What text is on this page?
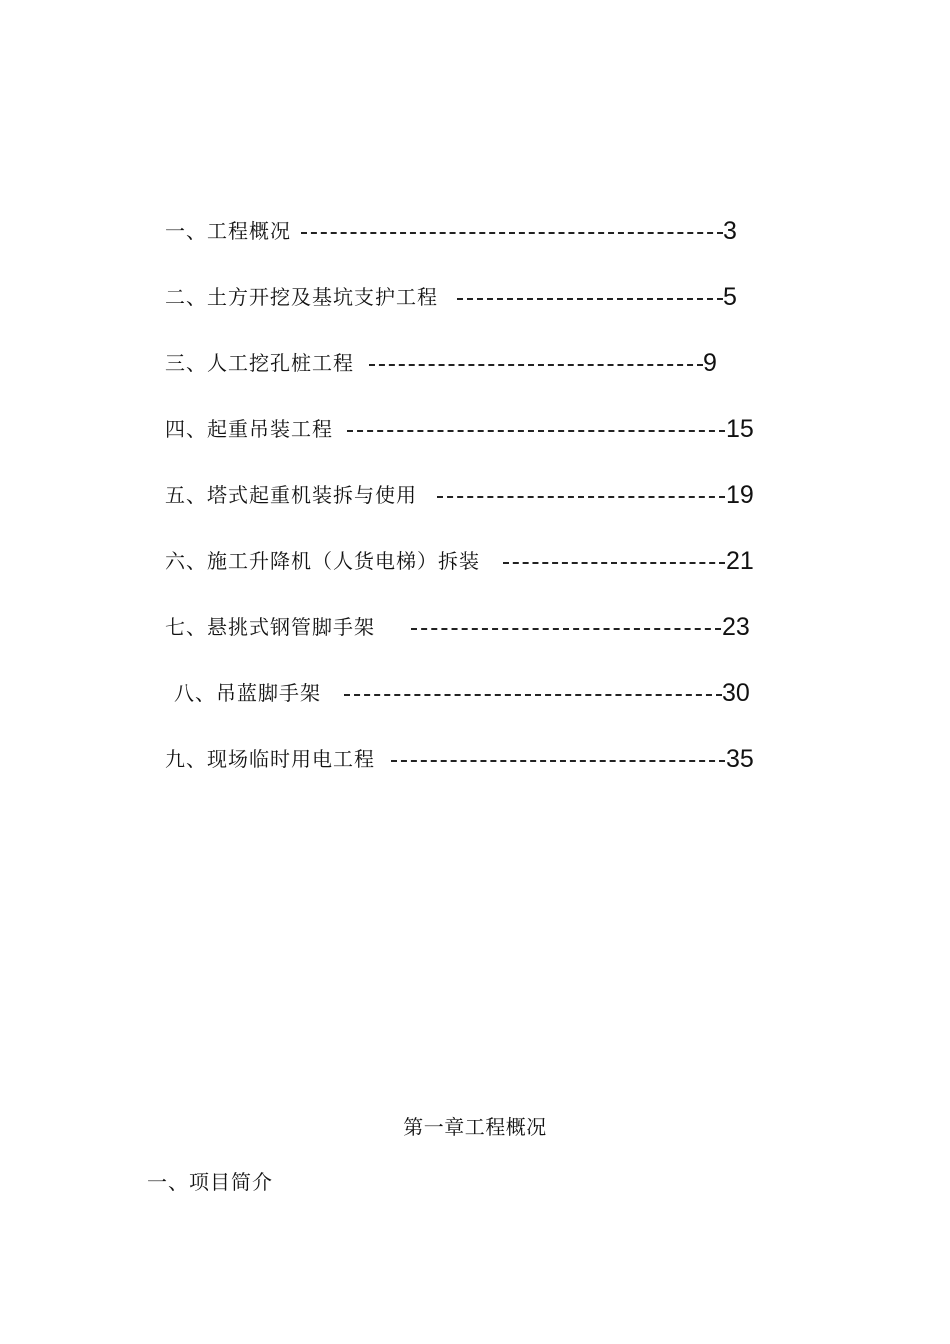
一、工程概况	3
二、土方开挖及基坑支护工程	5
三、人工挖孔桩工程	9
四、起重吊装工程	15
五、塔式起重机装拆与使用	19
六、施工升降机（人货电梯）拆装	21
七、悬挑式钢管脚手架	23
八、吊蓝脚手架	30
九、现场临时用电工程	35
第一章工程概况
一、项目简介
